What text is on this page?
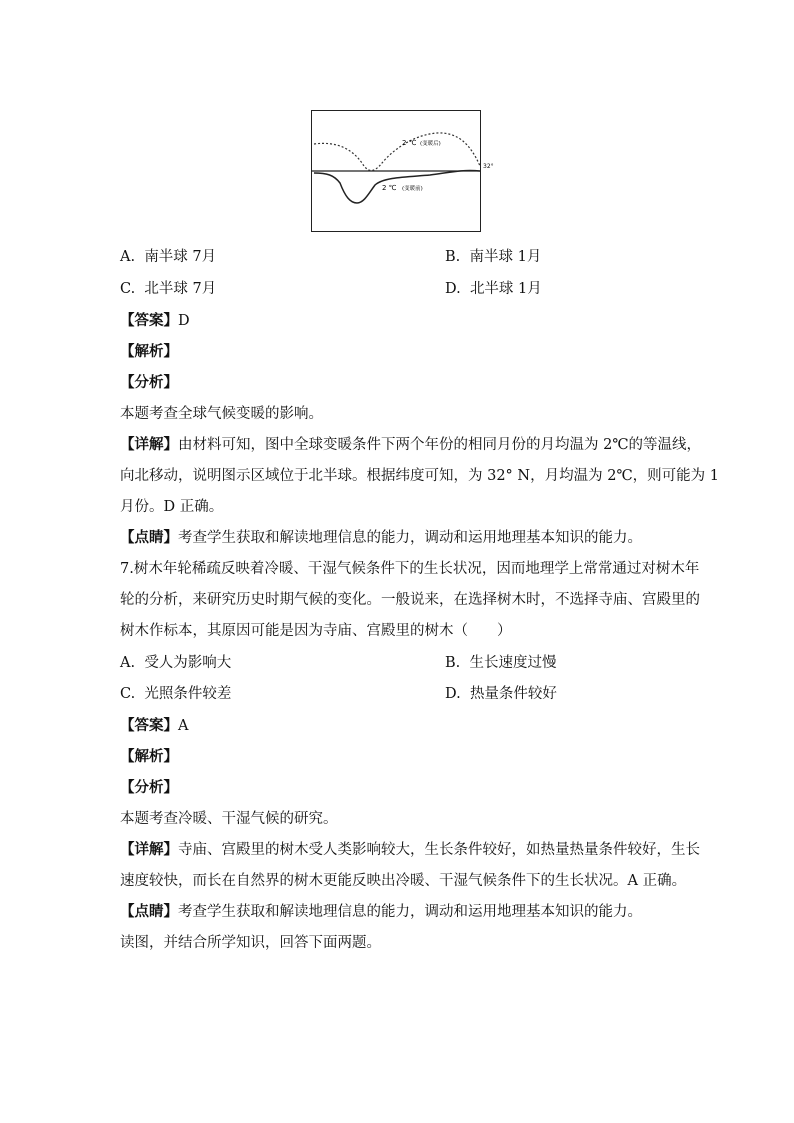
2 ℃ (变暖后)
2 ℃ (变暖前)
32°
A. 南半球 7月	B. 南半球 1月
C. 北半球 7月	D. 北半球 1月
【答案】D
【解析】
【分析】
本题考查全球气候变暖的影响。
【详解】由材料可知，图中全球变暖条件下两个年份的相同月份的月均温为 2℃的等温线，
向北移动，说明图示区域位于北半球。根据纬度可知，为 32° N，月均温为 2℃，则可能为 1
月份。D 正确。
【点睛】考查学生获取和解读地理信息的能力，调动和运用地理基本知识的能力。
7.树木年轮稀疏反映着冷暖、干湿气候条件下的生长状况，因而地理学上常常通过对树木年
轮的分析，来研究历史时期气候的变化。一般说来，在选择树木时，不选择寺庙、宫殿里的
树木作标本，其原因可能是因为寺庙、宫殿里的树木（　　）
A. 受人为影响大	B. 生长速度过慢
C. 光照条件较差	D. 热量条件较好
【答案】A
【解析】
【分析】
本题考查冷暖、干湿气候的研究。
【详解】寺庙、宫殿里的树木受人类影响较大，生长条件较好，如热量热量条件较好，生长
速度较快，而长在自然界的树木更能反映出冷暖、干湿气候条件下的生长状况。A 正确。
【点睛】考查学生获取和解读地理信息的能力，调动和运用地理基本知识的能力。
读图，并结合所学知识，回答下面两题。
